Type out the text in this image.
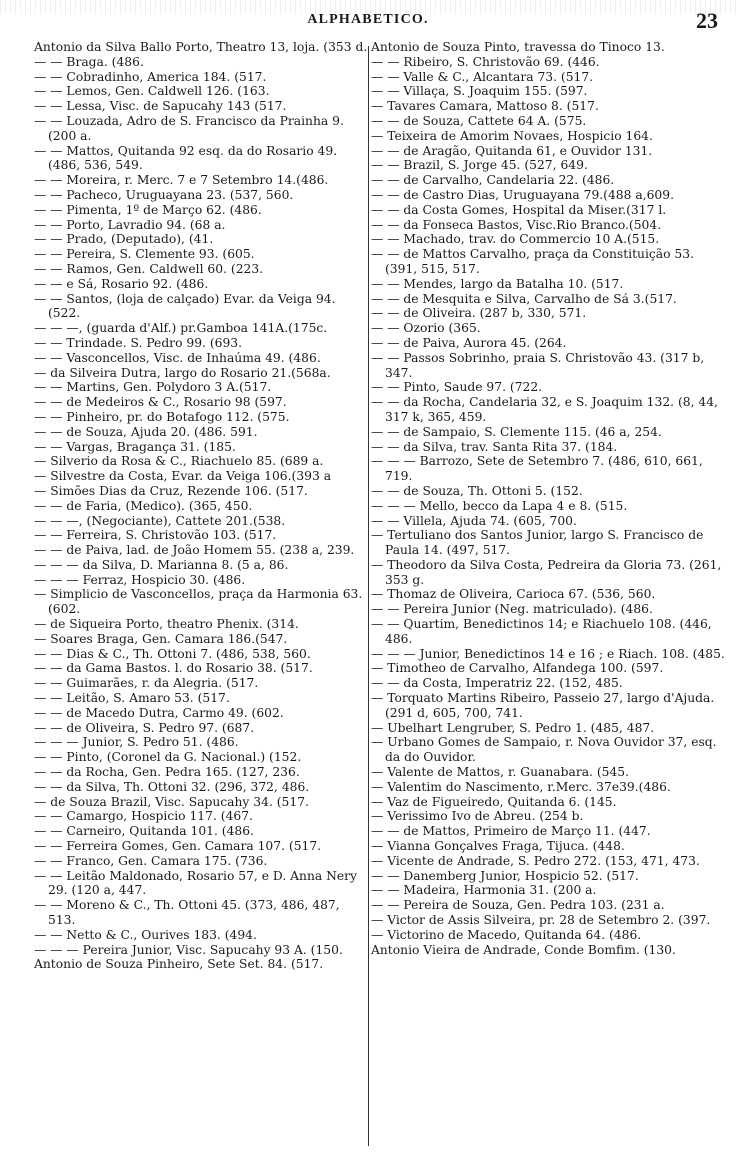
ALPHABETICO.	23

Antonio da Silva Ballo Porto, Theatro 13, loja. (353 d.

— — Braga. (486.

— — Cobradinho, America 184. (517.

— — Lemos, Gen. Caldwell 126. (163.

— — Lessa, Visc. de Sapucahy 143 (517.

— — Louzada, Adro de S. Francisco da Prainha 9. (200 a.

— — Mattos, Quitanda 92 esq. da do Rosario 49. (486, 536, 549.

— — Moreira, r. Merc. 7 e 7 Setembro 14.(486.

— — Pacheco, Uruguayana 23. (537, 560.

— — Pimenta, 1º de Março 62. (486.

— — Porto, Lavradio 94. (68 a.

— — Prado, (Deputado), (41.

— — Pereira, S. Clemente 93. (605.

— — Ramos, Gen. Caldwell 60. (223.

— — e Sá, Rosario 92. (486.

— — Santos, (loja de calçado) Evar. da Veiga 94. (522.

— — —, (guarda d'Alf.) pr.Gamboa 141A.(175c.

— — Trindade. S. Pedro 99. (693.

— — Vasconcellos, Visc. de Inhaúma 49. (486.

— da Silveira Dutra, largo do Rosario 21.(568a.

— — Martins, Gen. Polydoro 3 A.(517.

— — de Medeiros & C., Rosario 98 (597.

— — Pinheiro, pr. do Botafogo 112. (575.

— — de Souza, Ajuda 20. (486. 591.

— — Vargas, Bragança 31. (185.

— Silverio da Rosa & C., Riachuelo 85. (689 a.

— Silvestre da Costa, Evar. da Veiga 106.(393 a

— Simões Dias da Cruz, Rezende 106. (517.

— — de Faria, (Medico). (365, 450.

— — —, (Negociante), Cattete 201.(538.

— — Ferreira, S. Christovão 103. (517.

— — de Paiva, lad. de João Homem 55. (238 a, 239.

— — — da Silva, D. Marianna 8. (5 a, 86.

— — — Ferraz, Hospicio 30. (486.

— Simplicio de Vasconcellos, praça da Harmonia 63. (602.

— de Siqueira Porto, theatro Phenix. (314.

— Soares Braga, Gen. Camara 186.(547.

— — Dias & C., Th. Ottoni 7. (486, 538, 560.

— — da Gama Bastos. l. do Rosario 38. (517.

— — Guimarães, r. da Alegria. (517.

— — Leitão, S. Amaro 53. (517.

— — de Macedo Dutra, Carmo 49. (602.

— — de Oliveira, S. Pedro 97. (687.

— — — Junior, S. Pedro 51. (486.

— — Pinto, (Coronel da G. Nacional.) (152.

— — da Rocha, Gen. Pedra 165. (127, 236.

— — da Silva, Th. Ottoni 32. (296, 372, 486.

— de Souza Brazil, Visc. Sapucahy 34. (517.

— — Camargo, Hospicio 117. (467.

— — Carneiro, Quitanda 101. (486.

— — Ferreira Gomes, Gen. Camara 107. (517.

— — Franco, Gen. Camara 175. (736.

— — Leitão Maldonado, Rosario 57, e D. Anna Nery 29. (120 a, 447.

— — Moreno & C., Th. Ottoni 45. (373, 486, 487, 513.

— — Netto & C., Ourives 183. (494.

— — — Pereira Junior, Visc. Sapucahy 93 A. (150.

Antonio de Souza Pinheiro, Sete Set. 84. (517.

Antonio de Souza Pinto, travessa do Tinoco 13.

— — Ribeiro, S. Christovão 69. (446.

— — Valle & C., Alcantara 73. (517.

— — Villaça, S. Joaquim 155. (597.

— Tavares Camara, Mattoso 8. (517.

— — de Souza, Cattete 64 A. (575.

— Teixeira de Amorim Novaes, Hospicio 164.

— — de Aragão, Quitanda 61, e Ouvidor 131.

— — Brazil, S. Jorge 45. (527, 649.

— — de Carvalho, Candelaria 22. (486.

— — de Castro Dias, Uruguayana 79.(488 a,609.

— — da Costa Gomes, Hospital da Miser.(317 l.

— — da Fonseca Bastos, Visc.Rio Branco.(504.

— — Machado, trav. do Commercio 10 A.(515.

— — de Mattos Carvalho, praça da Constituição 53. (391, 515, 517.

— — Mendes, largo da Batalha 10. (517.

— — de Mesquita e Silva, Carvalho de Sá 3.(517.

— — de Oliveira. (287 b, 330, 571.

— — Ozorio (365.

— — de Paiva, Aurora 45. (264.

— — Passos Sobrinho, praia S. Christovão 43. (317 b, 347.

— — Pinto, Saude 97. (722.

— — da Rocha, Candelaria 32, e S. Joaquim 132. (8, 44, 317 k, 365, 459.

— — de Sampaio, S. Clemente 115. (46 a, 254.

— — da Silva, trav. Santa Rita 37. (184.

— — — Barrozo, Sete de Setembro 7. (486, 610, 661, 719.

— — de Souza, Th. Ottoni 5. (152.

— — — Mello, becco da Lapa 4 e 8. (515.

— — Villela, Ajuda 74. (605, 700.

— Tertuliano dos Santos Junior, largo S. Francisco de Paula 14. (497, 517.

— Theodoro da Silva Costa, Pedreira da Gloria 73. (261, 353 g.

— Thomaz de Oliveira, Carioca 67. (536, 560.

— — Pereira Junior (Neg. matriculado). (486.

— — Quartim, Benedictinos 14; e Riachuelo 108. (446, 486.

— — — Junior, Benedictinos 14 e 16 ; e Riach. 108. (485.

— Timotheo de Carvalho, Alfandega 100. (597.

— — da Costa, Imperatriz 22. (152, 485.

— Torquato Martins Ribeiro, Passeio 27, largo d'Ajuda. (291 d, 605, 700, 741.

— Ubelhart Lengruber, S. Pedro 1. (485, 487.

— Urbano Gomes de Sampaio, r. Nova Ouvidor 37, esq. da do Ouvidor.

— Valente de Mattos, r. Guanabara. (545.

— Valentim do Nascimento, r.Merc. 37e39.(486.

— Vaz de Figueiredo, Quitanda 6. (145.

— Verissimo Ivo de Abreu. (254 b.

— — de Mattos, Primeiro de Março 11. (447.

— Vianna Gonçalves Fraga, Tijuca. (448.

— Vicente de Andrade, S. Pedro 272. (153, 471, 473.

— — Danemberg Junior, Hospicio 52. (517.

— — Madeira, Harmonia 31. (200 a.

— — Pereira de Souza, Gen. Pedra 103. (231 a.

— Victor de Assis Silveira, pr. 28 de Setembro 2. (397.

— Victorino de Macedo, Quitanda 64. (486.

Antonio Vieira de Andrade, Conde Bomfim. (130.
